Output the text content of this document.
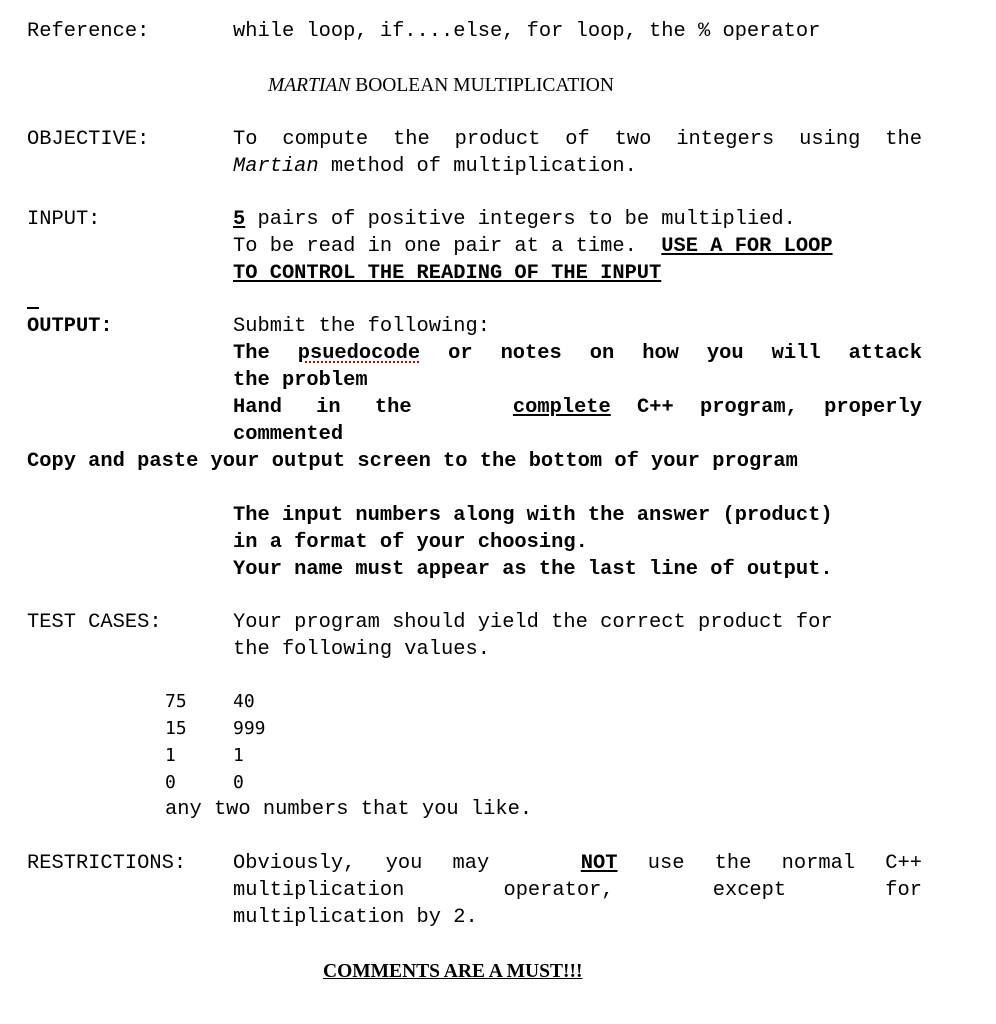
Reference:	while loop, if....else, for loop, the % operator
MARTIAN BOOLEAN MULTIPLICATION
OBJECTIVE:	To compute the product of two integers using the
Martian method of multiplication.
INPUT:	5 pairs of positive integers to be multiplied.
To be read in one pair at a time.  USE A FOR LOOP
TO CONTROL THE READING OF THE INPUT
OUTPUT:	Submit the following:
The psuedocode or notes on how you will attack
the problem
Hand in the	complete C++ program, properly
commented
Copy and paste your output screen to the bottom of your program
The input numbers along with the answer (product)
in a format of your choosing.
Your name must appear as the last line of output.
TEST CASES:	Your program should yield the correct product for
the following values.
75	40
15	999
1	1
0	0
any two numbers that you like.
RESTRICTIONS: Obviously, you may	NOT use the normal C++
multiplication operator, except for
multiplication by 2.
COMMENTS ARE A MUST!!!
